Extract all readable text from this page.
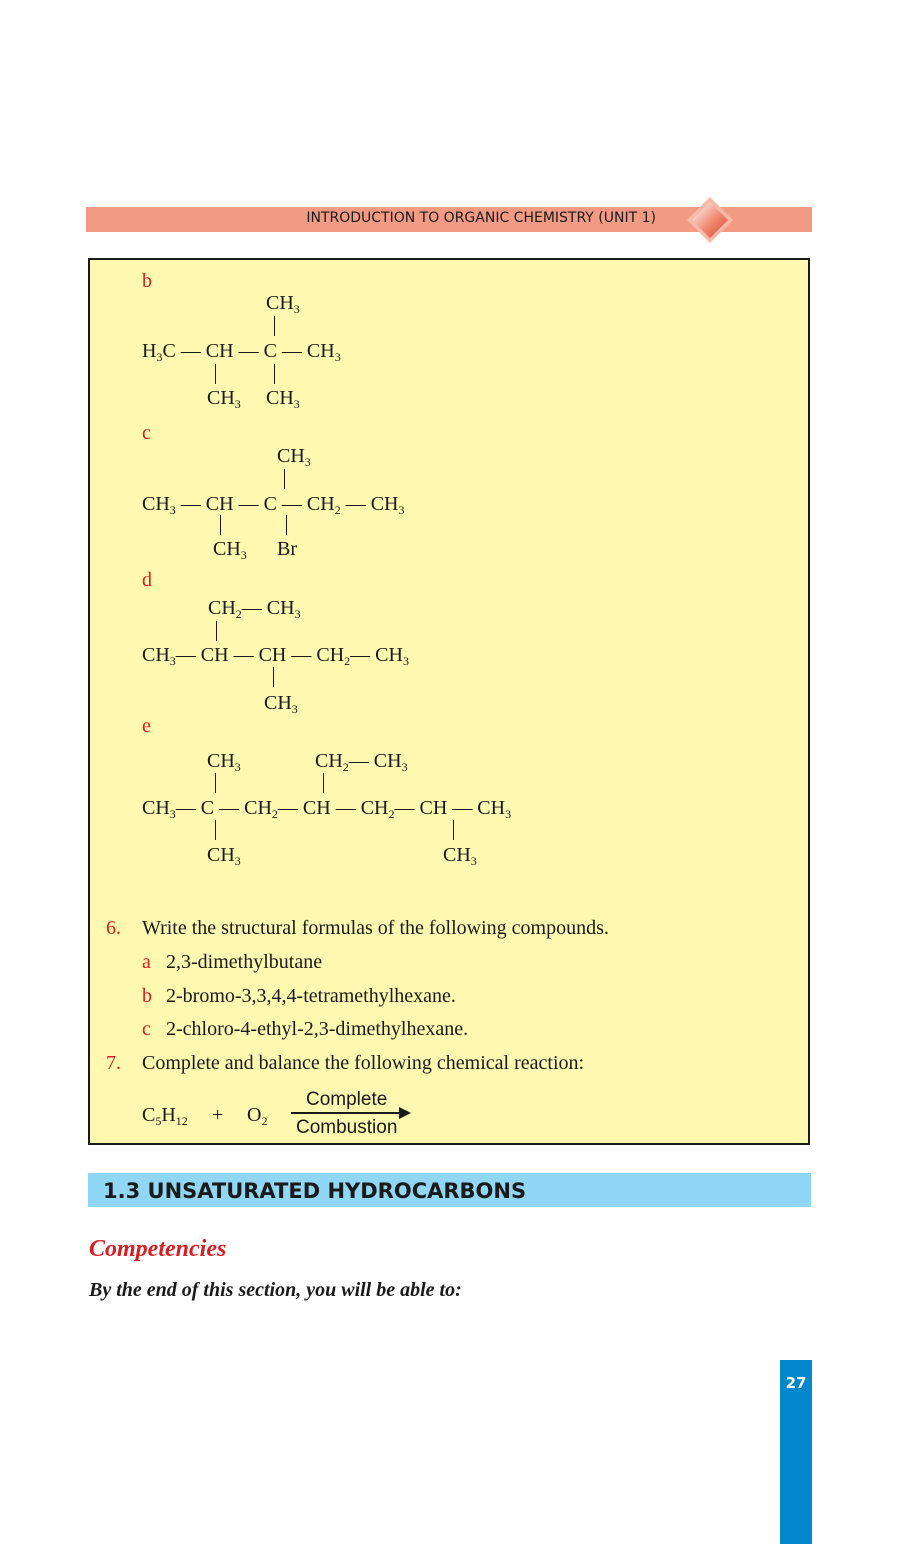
INTRODUCTION TO ORGANIC CHEMISTRY (UNIT 1)
b
$CH_3$
$H_3C$ — CH — C — $CH_3$
$CH_3$ $CH_3$
c
$CH_3$
$CH_3$ — CH — C — $CH_2$ — $CH_3$
$CH_3$ Br
d
$CH_2—$ $CH_3$
$CH_3—$ CH — CH — $CH_2—$ $CH_3$
$CH_3$
e
$CH_3$	$CH_2—$ $CH_3$
$CH_3—$ C — $CH_2—$ CH — $CH_2—$ CH — $CH_3$
$CH_3$	$CH_3$
6. Write the structural formulas of the following compounds.
a 2,3-dimethylbutane
b 2-bromo-3,3,4,4-tetramethylhexane.
c 2-chloro-4-ethyl-2,3-dimethylhexane.
7. Complete and balance the following chemical reaction:
$C_5H_{12} + O_2$
Complete
Combustion
1.3 UNSATURATED HYDROCARBONS
Competencies
By the end of this section, you will be able to:
27
